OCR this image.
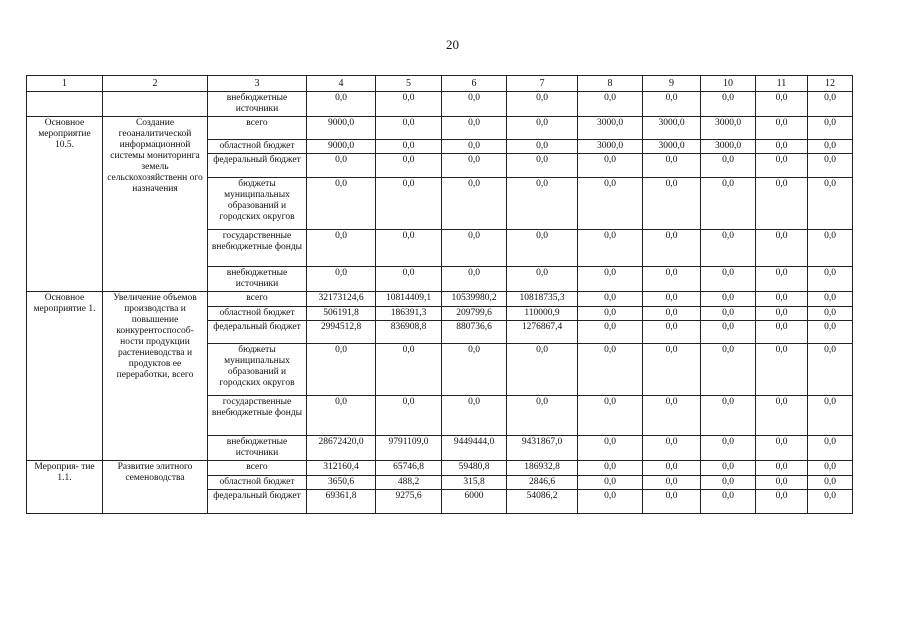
20
1	2	3	4	5	6	7	8	9	10	11	12
		внебюджетные источники	0,0	0,0	0,0	0,0	0,0	0,0	0,0	0,0	0,0
Основное мероприятие 10.5.	Создание геоаналитической информационной системы мониторинга земель сельскохозяйственн ого назначения	всего	9000,0	0,0	0,0	0,0	3000,0	3000,0	3000,0	0,0	0,0
		областной бюджет	9000,0	0,0	0,0	0,0	3000,0	3000,0	3000,0	0,0	0,0
		федеральный бюджет	0,0	0,0	0,0	0,0	0,0	0,0	0,0	0,0	0,0
		бюджеты муниципальных образований и городских округов	0,0	0,0	0,0	0,0	0,0	0,0	0,0	0,0	0,0
		государственные внебюджетные фонды	0,0	0,0	0,0	0,0	0,0	0,0	0,0	0,0	0,0
		внебюджетные источники	0,0	0,0	0,0	0,0	0,0	0,0	0,0	0,0	0,0
Основное мероприятие 1.	Увеличение объемов производства и повышение конкурентоспособ- ности продукции растениеводства и продуктов ее переработки, всего	всего	32173124,6	10814409,1	10539980,2	10818735,3	0,0	0,0	0,0	0,0	0,0
		областной бюджет	506191,8	186391,3	209799,6	110000,9	0,0	0,0	0,0	0,0	0,0
		федеральный бюджет	2994512,8	836908,8	880736,6	1276867,4	0,0	0,0	0,0	0,0	0,0
		бюджеты муниципальных образований и городских округов	0,0	0,0	0,0	0,0	0,0	0,0	0,0	0,0	0,0
		государственные внебюджетные фонды	0,0	0,0	0,0	0,0	0,0	0,0	0,0	0,0	0,0
		внебюджетные источники	28672420,0	9791109,0	9449444,0	9431867,0	0,0	0,0	0,0	0,0	0,0
Мероприя- тие 1.1.	Развитие элитного семеноводства	всего	312160,4	65746,8	59480,8	186932,8	0,0	0,0	0,0	0,0	0,0
		областной бюджет	3650,6	488,2	315,8	2846,6	0,0	0,0	0,0	0,0	0,0
		федеральный бюджет	69361,8	9275,6	6000	54086,2	0,0	0,0	0,0	0,0	0,0
